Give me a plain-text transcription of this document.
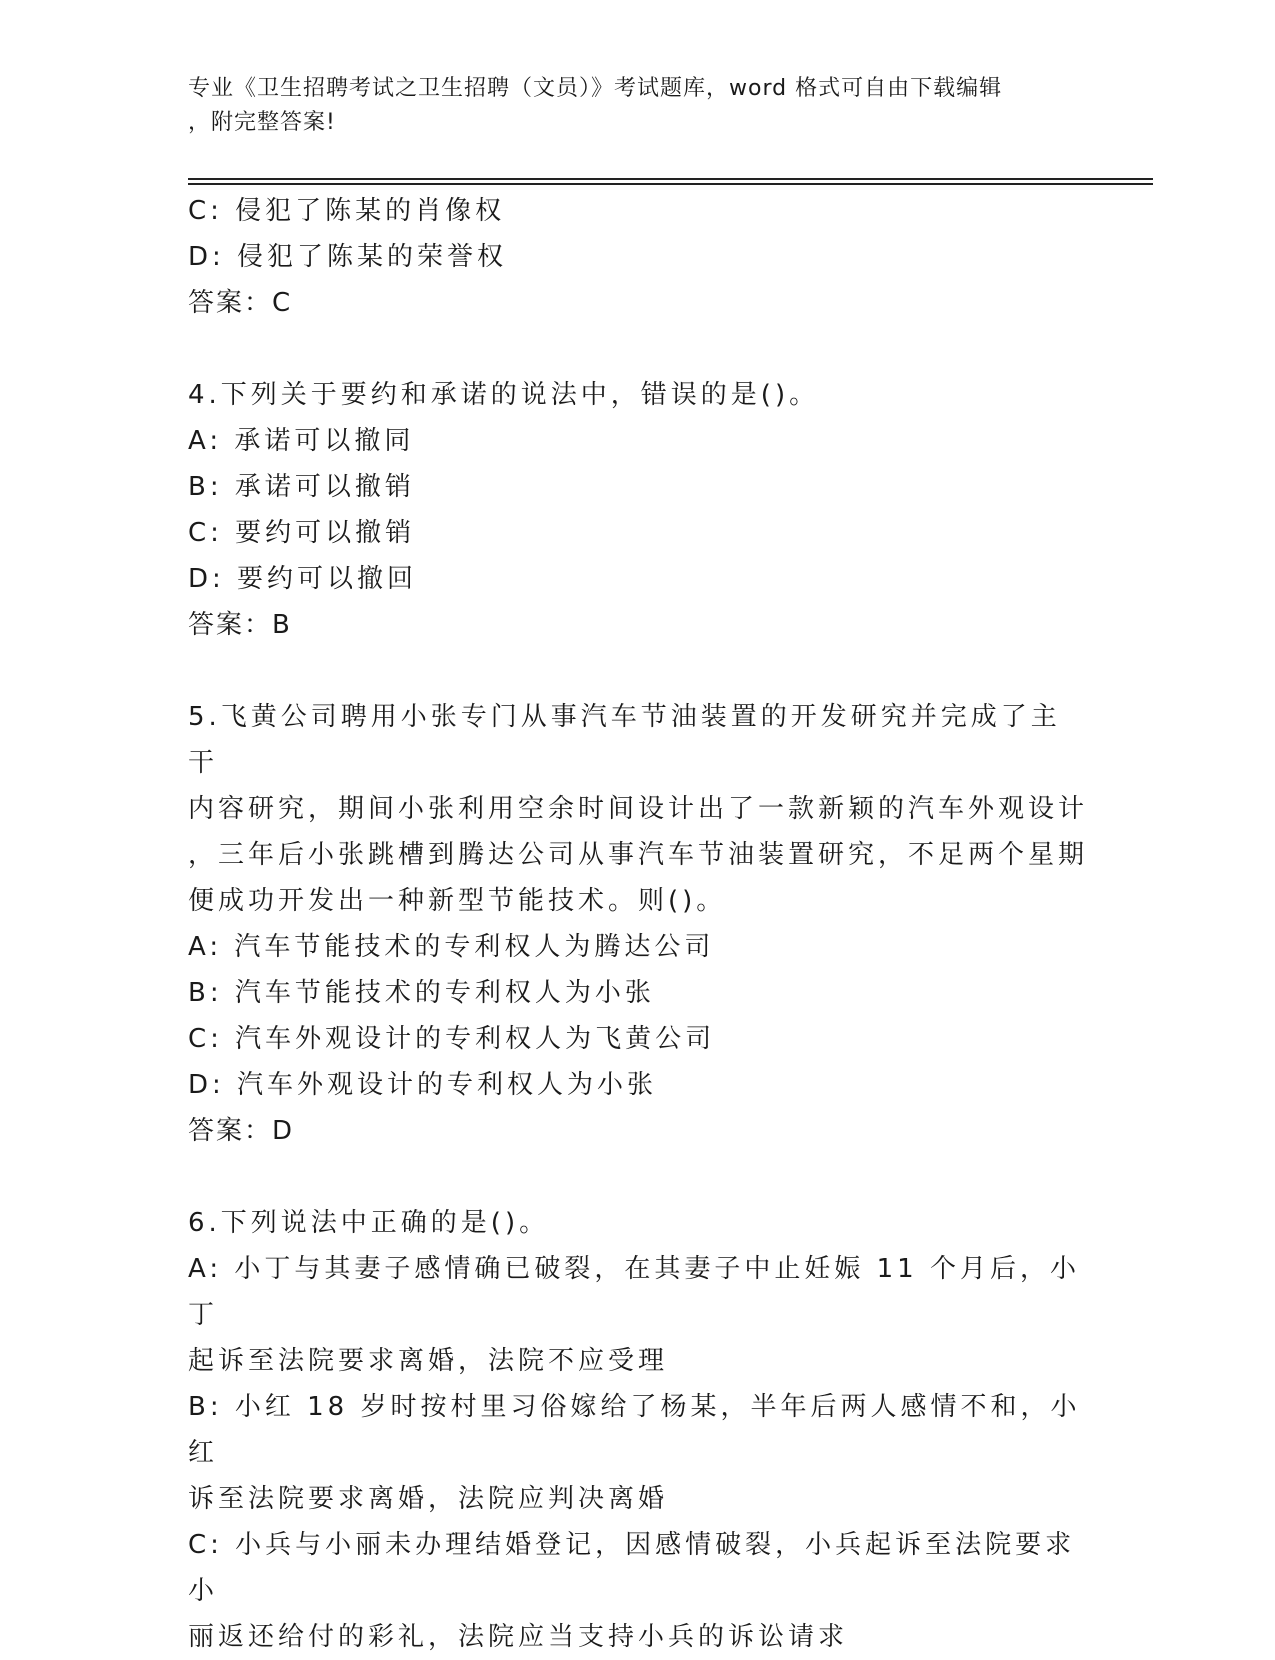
专业《卫生招聘考试之卫生招聘（文员）》考试题库，word 格式可自由下载编辑
，附完整答案!
C: 侵犯了陈某的肖像权
D: 侵犯了陈某的荣誉权
答案：C
4.下列关于要约和承诺的说法中，错误的是()。
A: 承诺可以撤同
B: 承诺可以撤销
C: 要约可以撤销
D: 要约可以撤回
答案：B
5.飞黄公司聘用小张专门从事汽车节油装置的开发研究并完成了主干
内容研究，期间小张利用空余时间设计出了一款新颖的汽车外观设计
，三年后小张跳槽到腾达公司从事汽车节油装置研究，不足两个星期
便成功开发出一种新型节能技术。则()。
A: 汽车节能技术的专利权人为腾达公司
B: 汽车节能技术的专利权人为小张
C: 汽车外观设计的专利权人为飞黄公司
D: 汽车外观设计的专利权人为小张
答案：D
6.下列说法中正确的是()。
A: 小丁与其妻子感情确已破裂，在其妻子中止妊娠 11 个月后，小丁
起诉至法院要求离婚，法院不应受理
B: 小红 18 岁时按村里习俗嫁给了杨某，半年后两人感情不和，小红
诉至法院要求离婚，法院应判决离婚
C: 小兵与小丽未办理结婚登记，因感情破裂，小兵起诉至法院要求小
丽返还给付的彩礼，法院应当支持小兵的诉讼请求
